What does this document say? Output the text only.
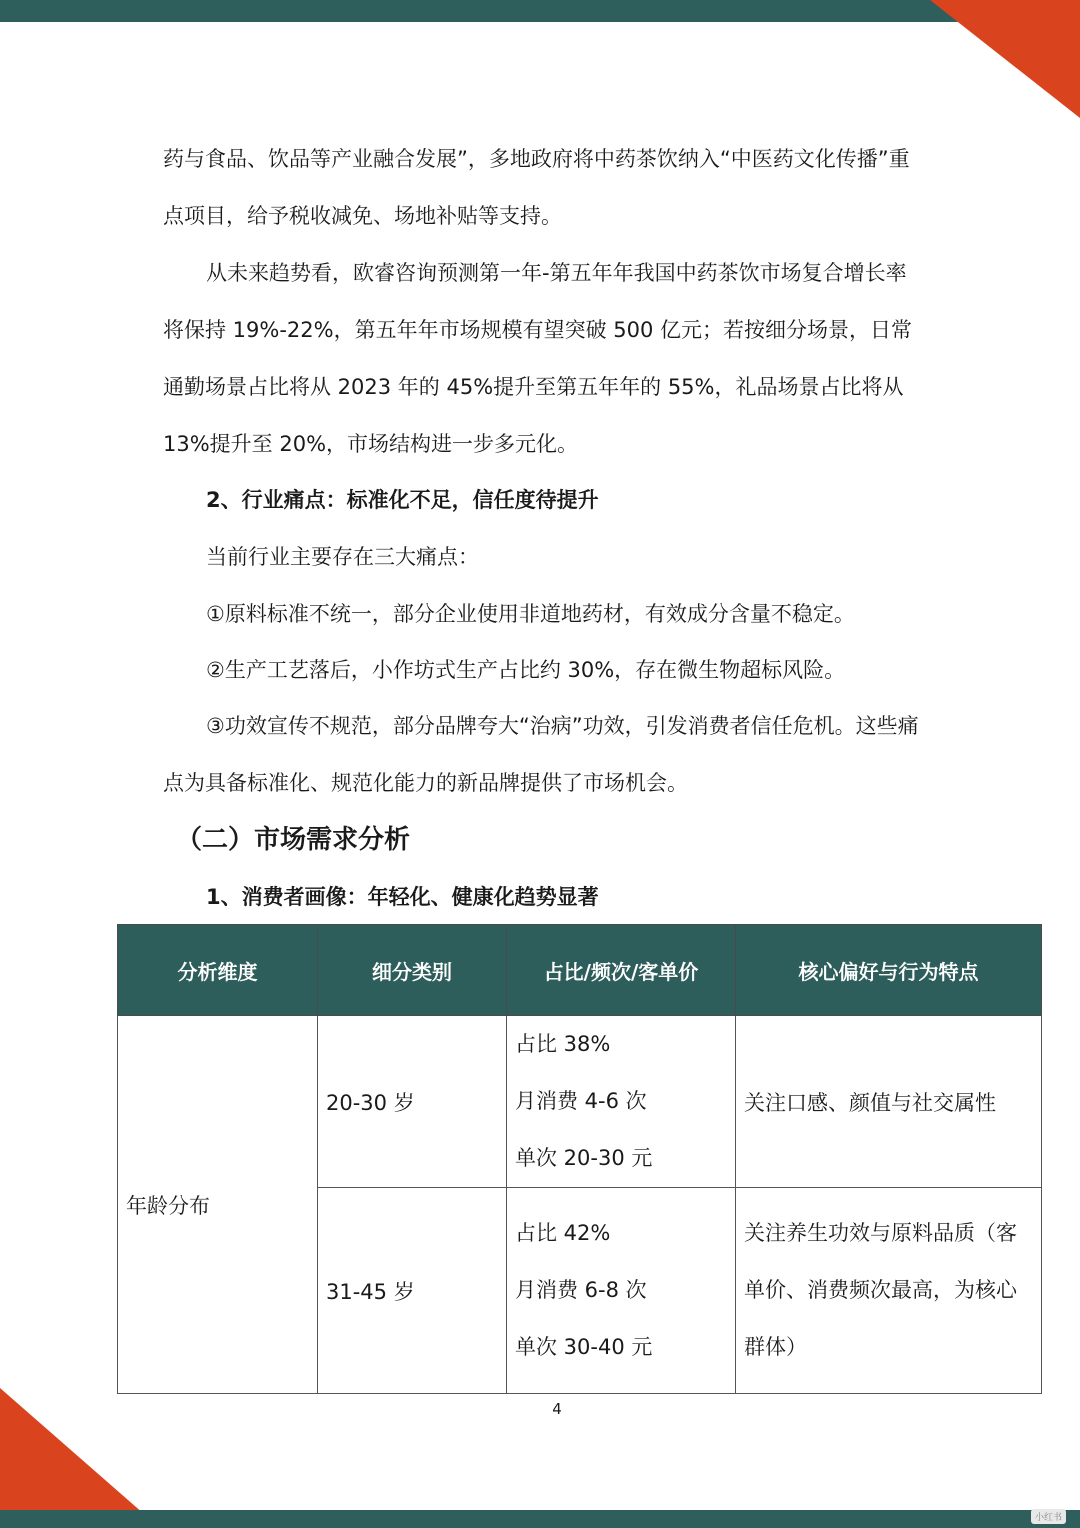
药与食品、饮品等产业融合发展”，多地政府将中药茶饮纳入“中医药文化传播”重点项目，给予税收减免、场地补贴等支持。

从未来趋势看，欧睿咨询预测第一年-第五年年我国中药茶饮市场复合增长率将保持 19%-22%，第五年年市场规模有望突破 500 亿元；若按细分场景，日常通勤场景占比将从 2023 年的 45%提升至第五年年的 55%，礼品场景占比将从 13%提升至 20%，市场结构进一步多元化。

2、行业痛点：标准化不足，信任度待提升

当前行业主要存在三大痛点：

①原料标准不统一，部分企业使用非道地药材，有效成分含量不稳定。

②生产工艺落后，小作坊式生产占比约 30%，存在微生物超标风险。

③功效宣传不规范，部分品牌夸大“治病”功效，引发消费者信任危机。这些痛点为具备标准化、规范化能力的新品牌提供了市场机会。

（二）市场需求分析

1、消费者画像：年轻化、健康化趋势显著

分析维度	细分类别	占比/频次/客单价	核心偏好与行为特点
年龄分布	20-30 岁	占比 38%
月消费 4-6 次
单次 20-30 元	关注口感、颜值与社交属性
	31-45 岁	占比 42%
月消费 6-8 次
单次 30-40 元	关注养生功效与原料品质（客单价、消费频次最高，为核心群体）
4
小红书
